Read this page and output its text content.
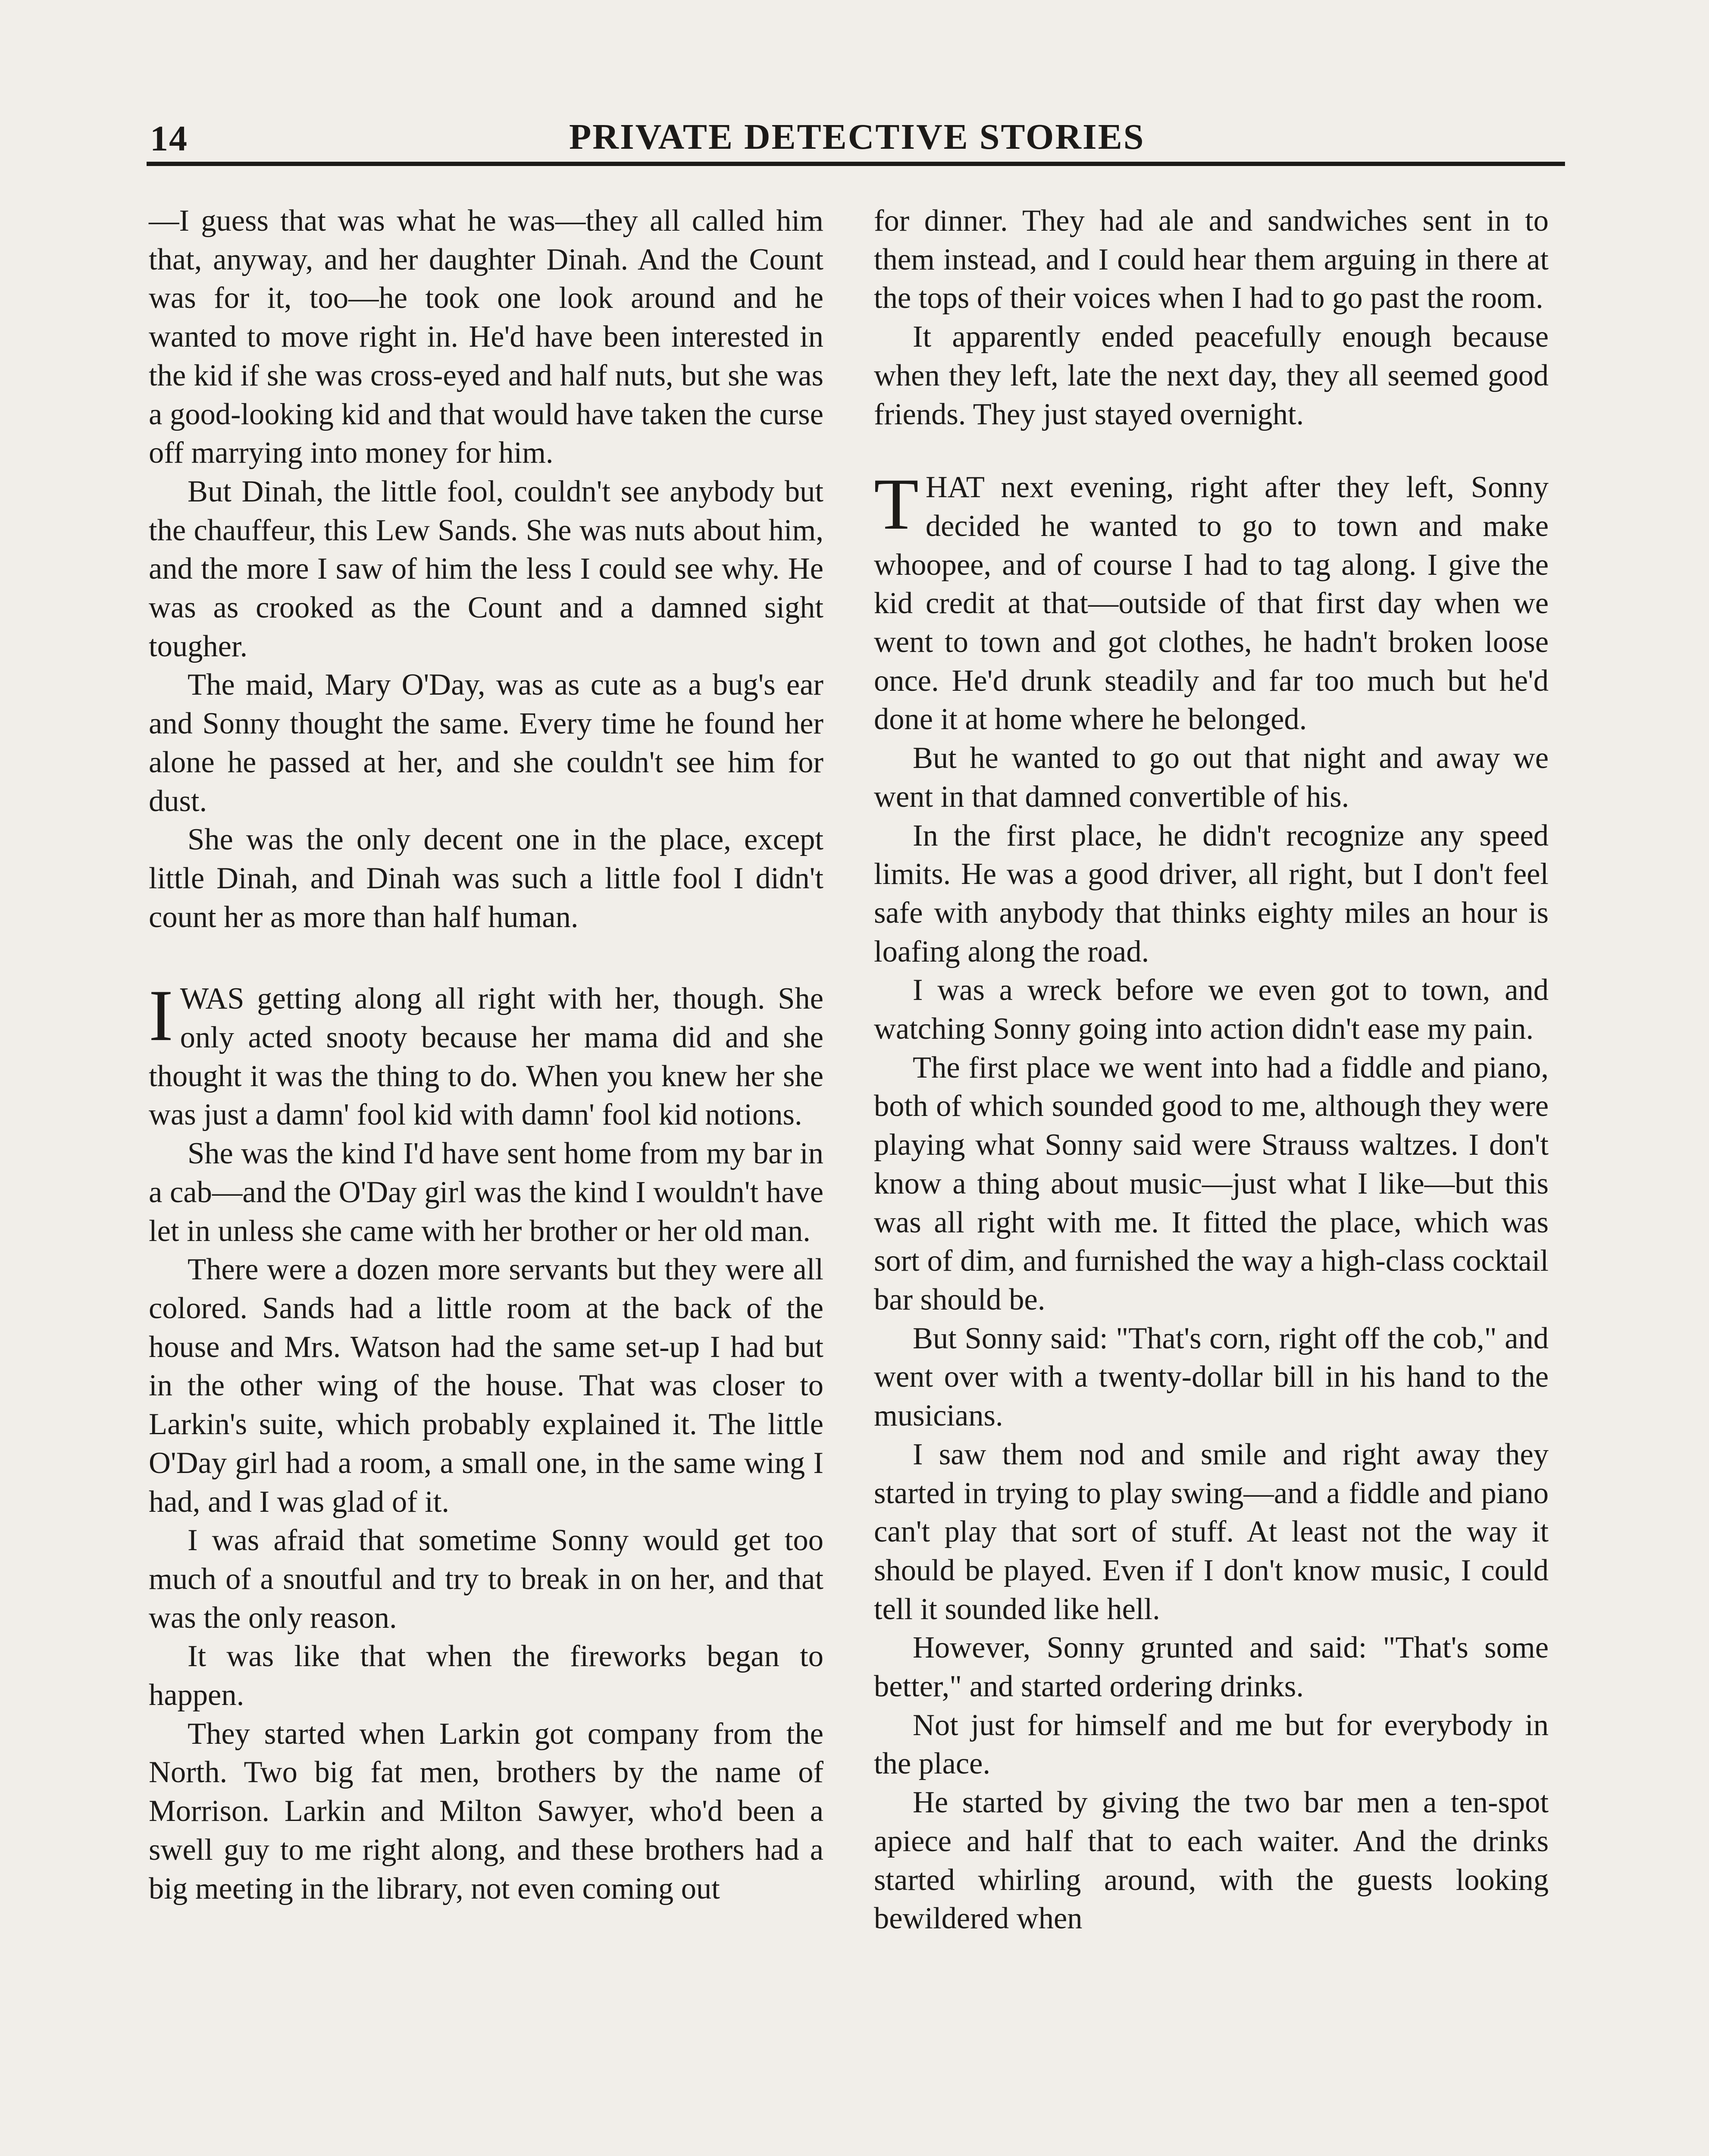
14	PRIVATE DETECTIVE STORIES

—I guess that was what he was—they all called him that, anyway, and her daughter Dinah. And the Count was for it, too—he took one look around and he wanted to move right in. He'd have been interested in the kid if she was cross-eyed and half nuts, but she was a good-looking kid and that would have taken the curse off marrying into money for him.

But Dinah, the little fool, couldn't see anybody but the chauffeur, this Lew Sands. She was nuts about him, and the more I saw of him the less I could see why. He was as crooked as the Count and a damned sight tougher.

The maid, Mary O'Day, was as cute as a bug's ear and Sonny thought the same. Every time he found her alone he passed at her, and she couldn't see him for dust.

She was the only decent one in the place, except little Dinah, and Dinah was such a little fool I didn't count her as more than half human.

IWAS getting along all right with her, though. She only acted snooty because her mama did and she thought it was the thing to do. When you knew her she was just a damn' fool kid with damn' fool kid notions.

She was the kind I'd have sent home from my bar in a cab—and the O'Day girl was the kind I wouldn't have let in unless she came with her brother or her old man.

There were a dozen more servants but they were all colored. Sands had a little room at the back of the house and Mrs. Watson had the same set-up I had but in the other wing of the house. That was closer to Larkin's suite, which probably explained it. The little O'Day girl had a room, a small one, in the same wing I had, and I was glad of it.

I was afraid that sometime Sonny would get too much of a snoutful and try to break in on her, and that was the only reason.

It was like that when the fireworks began to happen.

They started when Larkin got company from the North. Two big fat men, brothers by the name of Morrison. Larkin and Milton Sawyer, who'd been a swell guy to me right along, and these brothers had a big meeting in the library, not even coming out

for dinner. They had ale and sandwiches sent in to them instead, and I could hear them arguing in there at the tops of their voices when I had to go past the room.

It apparently ended peacefully enough because when they left, late the next day, they all seemed good friends. They just stayed overnight.

THAT next evening, right after they left, Sonny decided he wanted to go to town and make whoopee, and of course I had to tag along. I give the kid credit at that—outside of that first day when we went to town and got clothes, he hadn't broken loose once. He'd drunk steadily and far too much but he'd done it at home where he belonged.

But he wanted to go out that night and away we went in that damned convertible of his.

In the first place, he didn't recognize any speed limits. He was a good driver, all right, but I don't feel safe with anybody that thinks eighty miles an hour is loafing along the road.

I was a wreck before we even got to town, and watching Sonny going into action didn't ease my pain.

The first place we went into had a fiddle and piano, both of which sounded good to me, although they were playing what Sonny said were Strauss waltzes. I don't know a thing about music—just what I like—but this was all right with me. It fitted the place, which was sort of dim, and furnished the way a high-class cocktail bar should be.

But Sonny said: "That's corn, right off the cob," and went over with a twenty-dollar bill in his hand to the musicians.

I saw them nod and smile and right away they started in trying to play swing—and a fiddle and piano can't play that sort of stuff. At least not the way it should be played. Even if I don't know music, I could tell it sounded like hell.

However, Sonny grunted and said: "That's some better," and started ordering drinks.

Not just for himself and me but for everybody in the place.

He started by giving the two bar men a ten-spot apiece and half that to each waiter. And the drinks started whirling around, with the guests looking bewildered when
